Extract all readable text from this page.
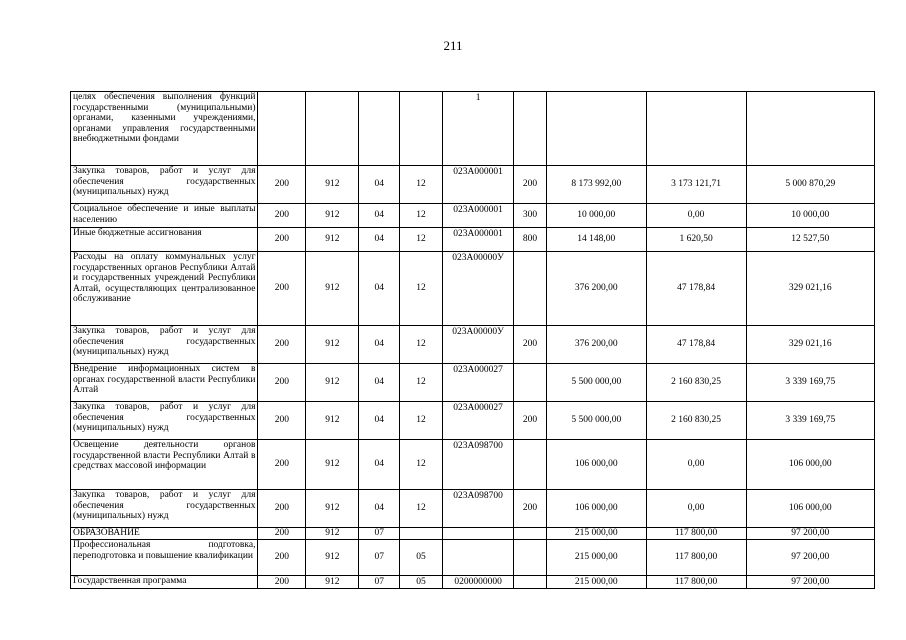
211
целях обеспечения выполнения функций государственными (муниципальными) органами, казенными учреждениями, органами управления государственными внебюджетными фондами					1				
Закупка товаров, работ и услуг для обеспечения государственных (муниципальных) нужд	200	912	04	12	023A000001	200	8 173 992,00	3 173 121,71	5 000 870,29
Социальное обеспечение и иные выплаты населению	200	912	04	12	023A000001	300	10 000,00	0,00	10 000,00
Иные бюджетные ассигнования	200	912	04	12	023A000001	800	14 148,00	1 620,50	12 527,50
Расходы на оплату коммунальных услуг государственных органов Республики Алтай и государственных учреждений Республики Алтай, осуществляющих централизованное обслуживание	200	912	04	12	023A00000У		376 200,00	47 178,84	329 021,16
Закупка товаров, работ и услуг для обеспечения государственных (муниципальных) нужд	200	912	04	12	023A00000У	200	376 200,00	47 178,84	329 021,16
Внедрение информационных систем в органах государственной власти Республики Алтай	200	912	04	12	023A000027		5 500 000,00	2 160 830,25	3 339 169,75
Закупка товаров, работ и услуг для обеспечения государственных (муниципальных) нужд	200	912	04	12	023A000027	200	5 500 000,00	2 160 830,25	3 339 169,75
Освещение деятельности органов государственной власти Республики Алтай в средствах массовой информации	200	912	04	12	023A098700		106 000,00	0,00	106 000,00
Закупка товаров, работ и услуг для обеспечения государственных (муниципальных) нужд	200	912	04	12	023A098700	200	106 000,00	0,00	106 000,00
ОБРАЗОВАНИЕ	200	912	07				215 000,00	117 800,00	97 200,00
Профессиональная подготовка, переподготовка и повышение квалификации	200	912	07	05			215 000,00	117 800,00	97 200,00
Государственная программа	200	912	07	05	0200000000		215 000,00	117 800,00	97 200,00
